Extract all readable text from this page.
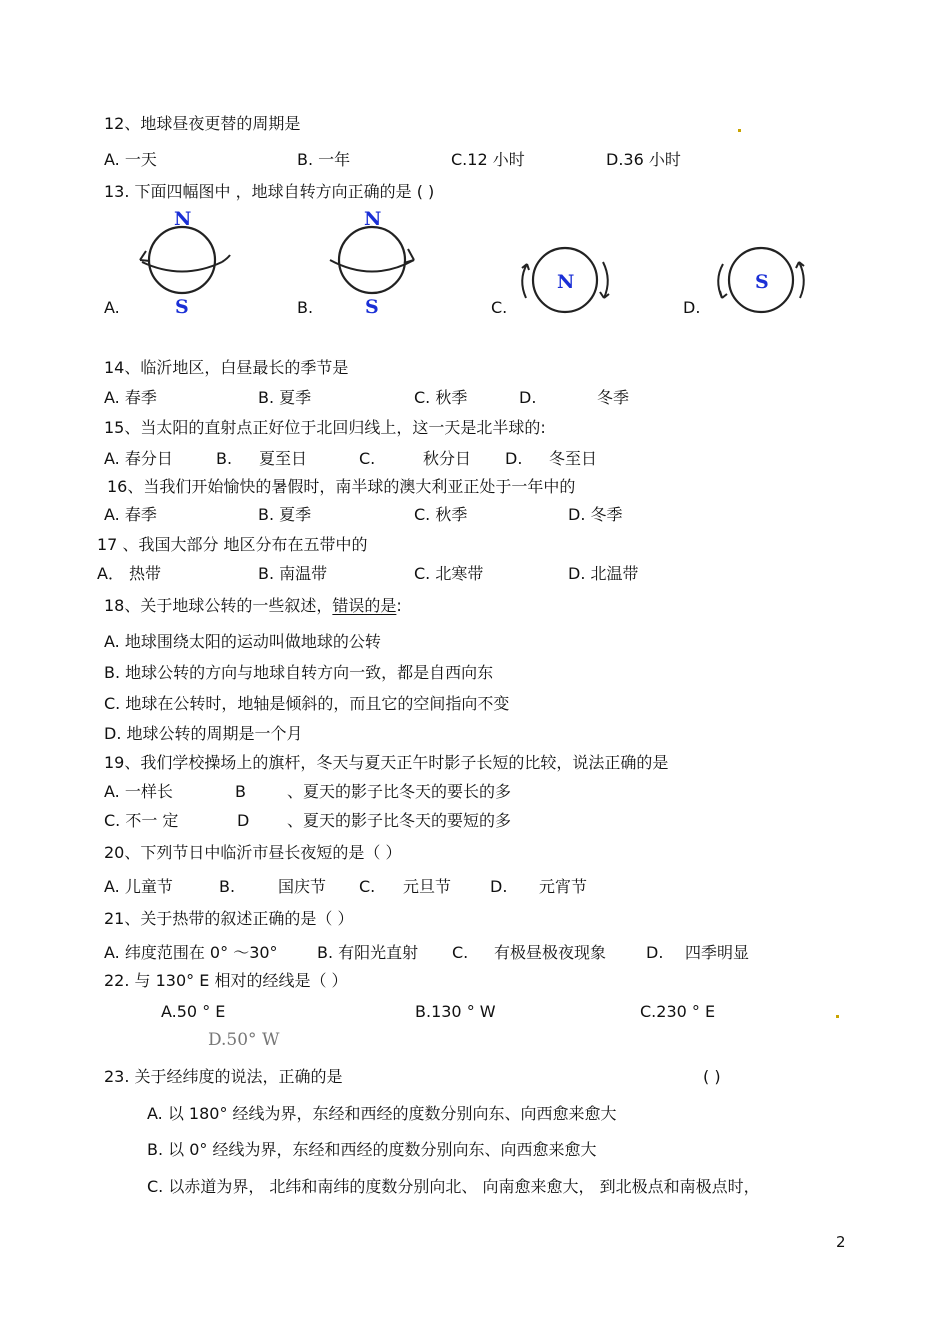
12、地球昼夜更替的周期是
A. 一天	B. 一年	C.12 小时	D.36 小时
13. 下面四幅图中 ，地球自转方向正确的是 ( )
A.
N
S	B.
N
S	C.
N
D.
S
14、临沂地区，白昼最长的季节是
A. 春季	B. 夏季	C. 秋季	D.	冬季
15、当太阳的直射点正好位于北回归线上，这一天是北半球的:
A. 春分日	B. 夏至日	C.	秋分日 D. 冬至日
16、当我们开始愉快的暑假时，南半球的澳大利亚正处于一年中的
A. 春季	B. 夏季	C. 秋季	D. 冬季
17 、我国大部分 地区分布在五带中的
A． 热带	B. 南温带	C. 北寒带	D. 北温带
18、关于地球公转的一些叙述，错误的是:
A. 地球围绕太阳的运动叫做地球的公转
B. 地球公转的方向与地球自转方向一致，都是自西向东
C. 地球在公转时，地轴是倾斜的，而且它的空间指向不变
D. 地球公转的周期是一个月
19、我们学校操场上的旗杆，冬天与夏天正午时影子长短的比较，说法正确的是
A. 一样长	B	、夏天的影子比冬天的要长的多
C. 不一 定	D 、夏天的影子比冬天的要短的多
20、下列节日中临沂市昼长夜短的是（ ）
A. 儿童节	B.	国庆节 C. 元旦节 D. 元宵节
21、关于热带的叙述正确的是（ ）
A. 纬度范围在 0° ～30° B. 有阳光直射 C. 有极昼极夜现象 D. 四季明显
22. 与 130° E 相对的经线是（ ）
A.50 ° E	B.130 ° W	C.230 ° E
D.50° W
23. 关于经纬度的说法，正确的是	( )
A. 以 180° 经线为界，东经和西经的度数分别向东、向西愈来愈大
B. 以 0° 经线为界，东经和西经的度数分别向东、向西愈来愈大
C. 以赤道为界， 北纬和南纬的度数分别向北、 向南愈来愈大， 到北极点和南极点时，
2
